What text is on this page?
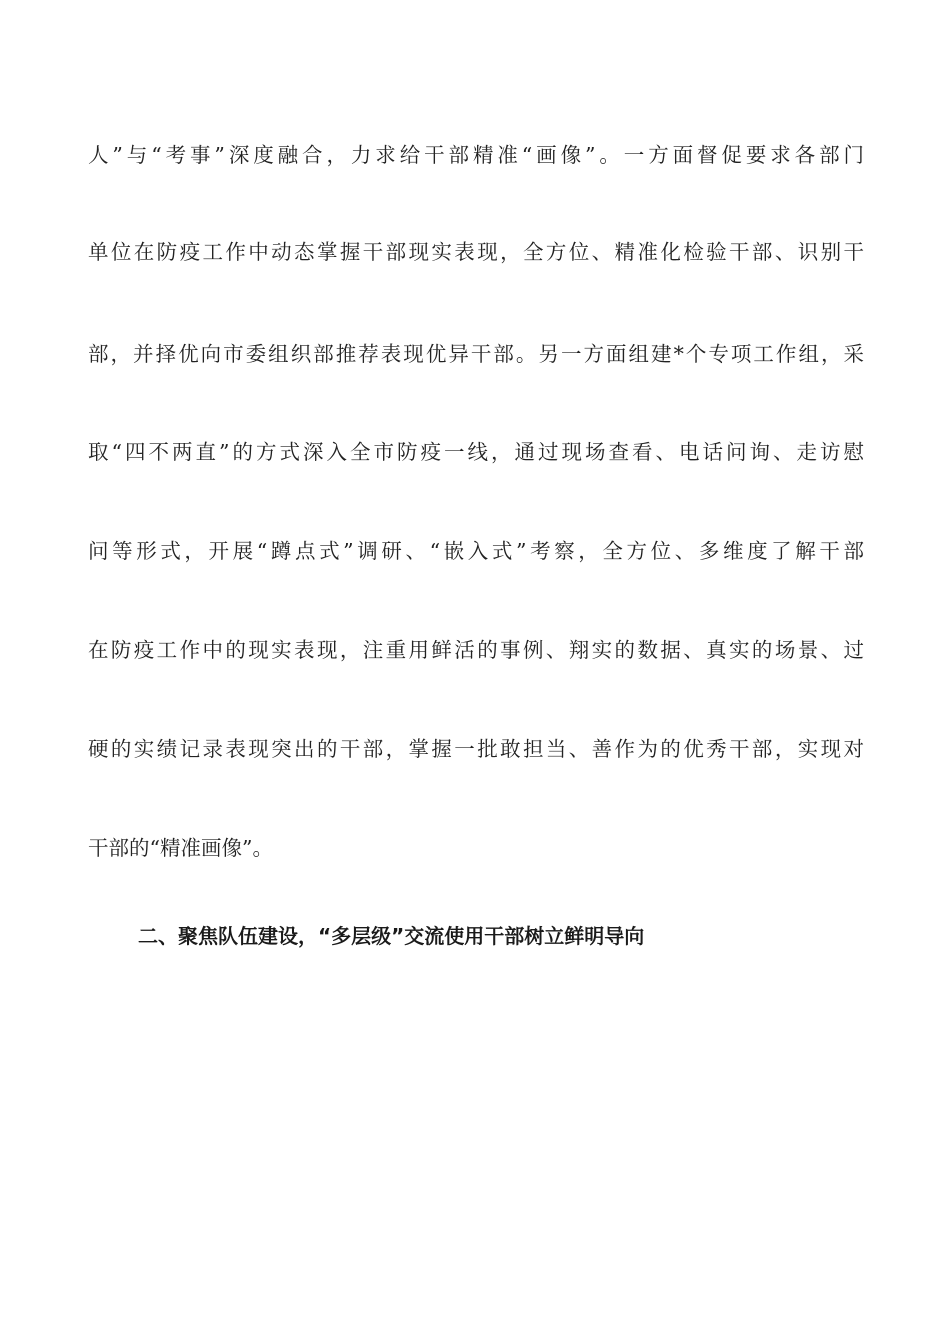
人”与“考事”深度融合，力求给干部精准“画像”。一方面督促要求各部门
单位在防疫工作中动态掌握干部现实表现，全方位、精准化检验干部、识别干
部，并择优向市委组织部推荐表现优异干部。另一方面组建*个专项工作组，采
取“四不两直”的方式深入全市防疫一线，通过现场查看、电话问询、走访慰
问等形式，开展“蹲点式”调研、“嵌入式”考察，全方位、多维度了解干部
在防疫工作中的现实表现，注重用鲜活的事例、翔实的数据、真实的场景、过
硬的实绩记录表现突出的干部，掌握一批敢担当、善作为的优秀干部，实现对
干部的“精准画像”。
二、聚焦队伍建设，“多层级”交流使用干部树立鲜明导向
